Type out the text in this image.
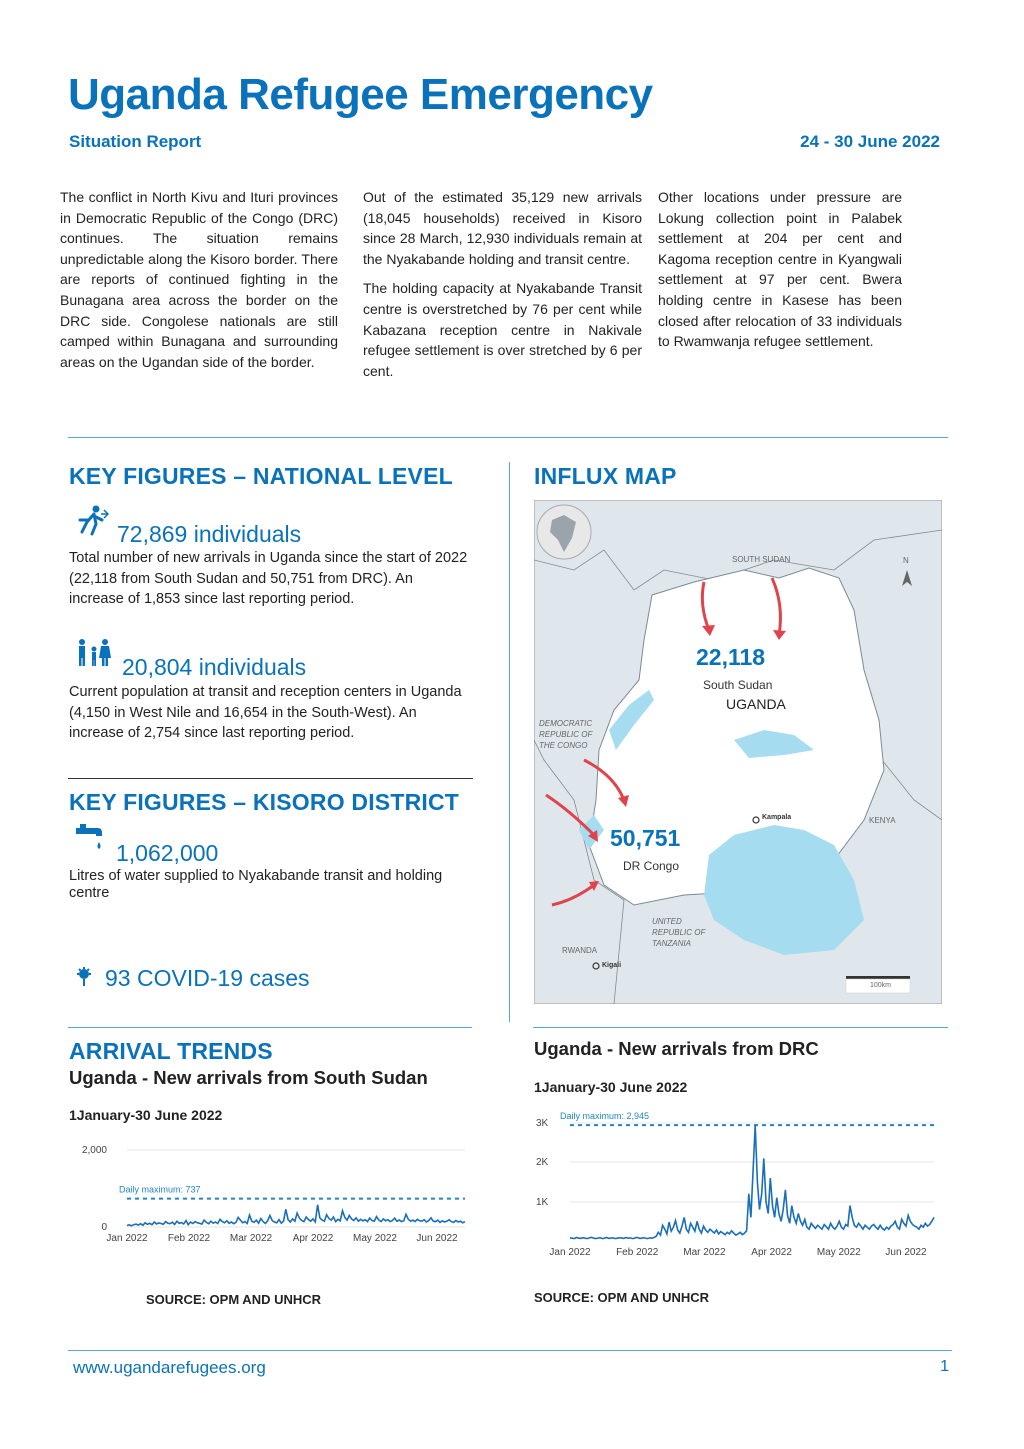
Uganda Refugee Emergency
Situation Report	24 - 30 June 2022

The conflict in North Kivu and Ituri provinces in Democratic Republic of the Congo (DRC) continues. The situation remains unpredictable along the Kisoro border. There are reports of continued fighting in the Bunagana area across the border on the DRC side. Congolese nationals are still camped within Bunagana and surrounding areas on the Ugandan side of the border.

Out of the estimated 35,129 new arrivals (18,045 households) received in Kisoro since 28 March, 12,930 individuals remain at the Nyakabande holding and transit centre.

The holding capacity at Nyakabande Transit centre is overstretched by 76 per cent while Kabazana reception centre in Nakivale refugee settlement is over stretched by 6 per cent.

Other locations under pressure are Lokung collection point in Palabek settlement at 204 per cent and Kagoma reception centre in Kyangwali settlement at 97 per cent. Bwera holding centre in Kasese has been closed after relocation of 33 individuals to Rwamwanja refugee settlement.

KEY FIGURES – NATIONAL LEVEL
72,869 individuals
Total number of new arrivals in Uganda since the start of 2022 (22,118 from South Sudan and 50,751 from DRC). An increase of 1,853 since last reporting period.
20,804 individuals
Current population at transit and reception centers in Uganda (4,150 in West Nile and 16,654 in the South-West). An increase of 2,754 since last reporting period.
KEY FIGURES – KISORO DISTRICT
1,062,000
Litres of water supplied to Nyakabande transit and holding centre
93 COVID-19 cases
INFLUX MAP
SOUTH SUDAN	N
DEMOCRATIC REPUBLIC OF THE CONGO
KENYA
UNITED REPUBLIC OF TANZANIA
RWANDA
Kigali
Kampala
100km
22,118
South Sudan
UGANDA
50,751
DR Congo
ARRIVAL TRENDS
Uganda - New arrivals from South Sudan
1January-30 June 2022
2,000
0
Daily maximum: 737
Jan 2022 Feb 2022 Mar 2022 Apr 2022 May 2022 Jun 2022
SOURCE: OPM AND UNHCR
Uganda - New arrivals from DRC
1January-30 June 2022
3K
2K
1K
Daily maximum: 2,945
Jan 2022	Feb 2022 Mar 2022	Apr 2022 May 2022 Jun 2022
SOURCE: OPM AND UNHCR
www.ugandarefugees.org	1
